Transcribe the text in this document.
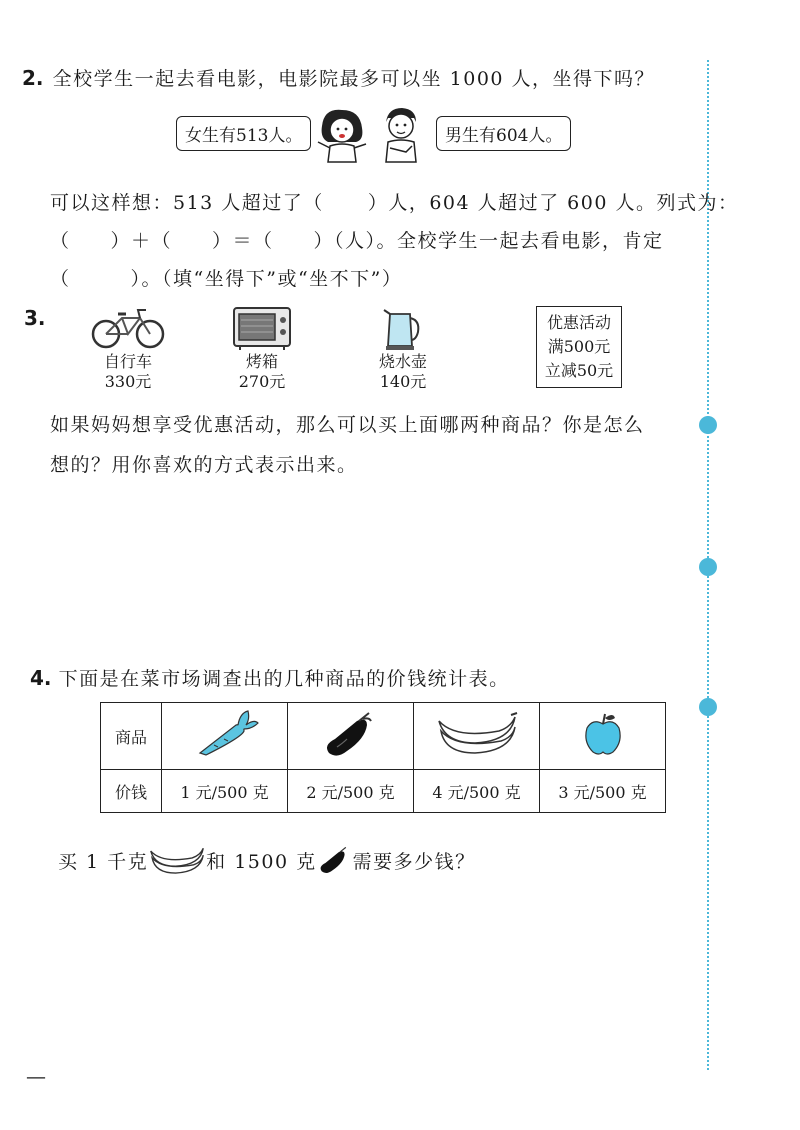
2. 全校学生一起去看电影，电影院最多可以坐 1000 人，坐得下吗？
女生有513人。	男生有604人。
可以这样想：513 人超过了（ ）人，604 人超过了 600 人。列式为：
（ ）＋（ ）＝（ ）（人）。全校学生一起去看电影，肯定
（	）。（填“坐得下”或“坐不下”）
3.
自行车
330元
烤箱
270元
烧水壶
140元
优惠活动
满500元
立减50元
如果妈妈想享受优惠活动，那么可以买上面哪两种商品？你是怎么
想的？用你喜欢的方式表示出来。
4. 下面是在菜市场调查出的几种商品的价钱统计表。
商品				
价钱	1 元/500 克	2 元/500 克	4 元/500 克	3 元/500 克
买 1 千克	和 1500 克 需要多少钱？
—
